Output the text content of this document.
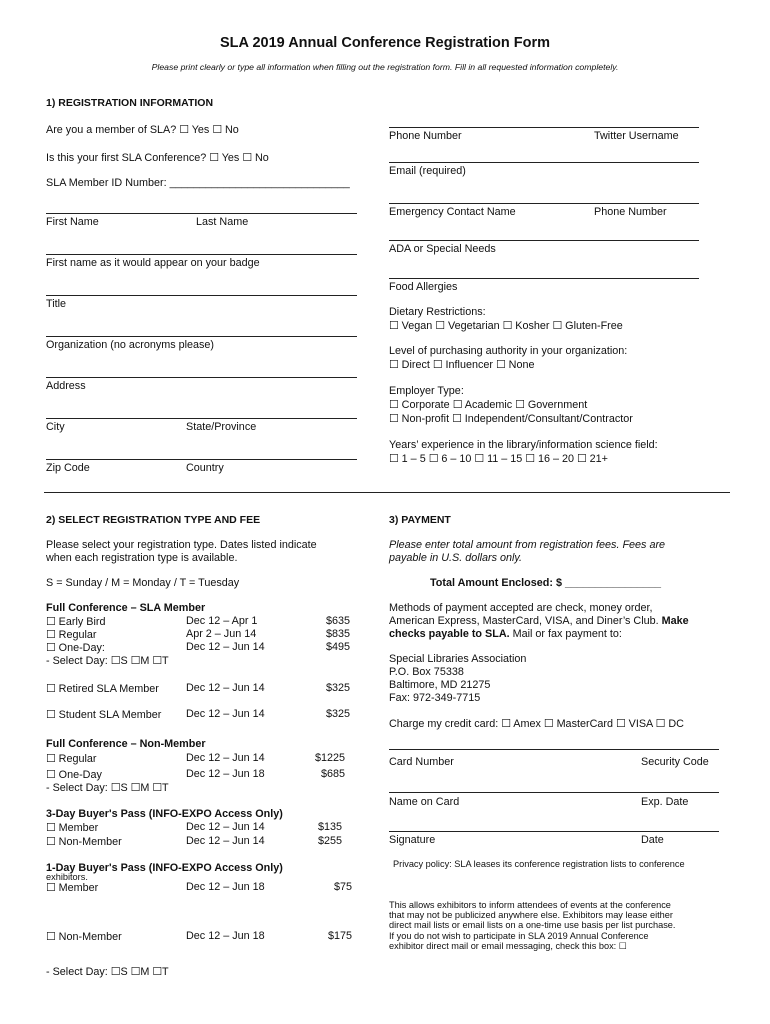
SLA 2019 Annual Conference Registration Form
Please print clearly or type all information when filling out the registration form. Fill in all requested information completely.
1) REGISTRATION INFORMATION
Are you a member of SLA? ☐ Yes ☐ No
Is this your first SLA Conference? ☐ Yes ☐ No
SLA Member ID Number: ______________________________
First Name	Last Name
First name as it would appear on your badge
Title
Organization (no acronyms please)
Address
City	State/Province
Zip Code	Country
Phone Number	Twitter Username
Email (required)
Emergency Contact Name	Phone Number
ADA or Special Needs
Food Allergies
Dietary Restrictions:
☐ Vegan ☐ Vegetarian ☐ Kosher ☐ Gluten-Free
Level of purchasing authority in your organization:
☐ Direct ☐ Influencer ☐ None
Employer Type:
☐ Corporate ☐ Academic ☐ Government
☐ Non-profit ☐ Independent/Consultant/Contractor
Years’ experience in the library/information science field:
☐ 1 – 5 ☐ 6 – 10 ☐ 11 – 15 ☐ 16 – 20 ☐ 21+
2) SELECT REGISTRATION TYPE AND FEE
Please select your registration type. Dates listed indicate
when each registration type is available.
S = Sunday / M = Monday / T = Tuesday
Full Conference – SLA Member
☐ Early Bird	Dec 12 – Apr 1	$635
☐ Regular	Apr 2 – Jun 14	$835
☐ One-Day:	Dec 12 – Jun 14	$495
- Select Day: ☐S ☐M ☐T
☐ Retired SLA Member	Dec 12 – Jun 14	$325
☐ Student SLA Member Dec 12 – Jun 14	$325
Full Conference – Non-Member
☐ Regular	Dec 12 – Jun 14	$1225
☐ One-Day	Dec 12 – Jun 18	$685
- Select Day: ☐S ☐M ☐T
3-Day Buyer's Pass (INFO-EXPO Access Only)
☐ Member	Dec 12 – Jun 14	$135
☐ Non-Member	Dec 12 – Jun 14	$255
1-Day Buyer's Pass (INFO-EXPO Access Only)
exhibitors.
☐ Member	Dec 12 – Jun 18	$75
☐ Non-Member	Dec 12 – Jun 18	$175
- Select Day: ☐S ☐M ☐T
3) PAYMENT
Please enter total amount from registration fees. Fees are
payable in U.S. dollars only.
Total Amount Enclosed: $ ________________
Methods of payment accepted are check, money order,
American Express, MasterCard, VISA, and Diner’s Club. Make
checks payable to SLA. Mail or fax payment to:
Special Libraries Association
P.O. Box 75338
Baltimore, MD 21275
Fax: 972-349-7715
Charge my credit card: ☐ Amex ☐ MasterCard ☐ VISA ☐ DC
Card Number	Security Code
Name on Card	Exp. Date
Signature	Date
Privacy policy: SLA leases its conference registration lists to conference
This allows exhibitors to inform attendees of events at the conference
that may not be publicized anywhere else. Exhibitors may lease either
direct mail lists or email lists on a one-time use basis per list purchase.
If you do not wish to participate in SLA 2019 Annual Conference
exhibitor direct mail or email messaging, check this box: ☐
